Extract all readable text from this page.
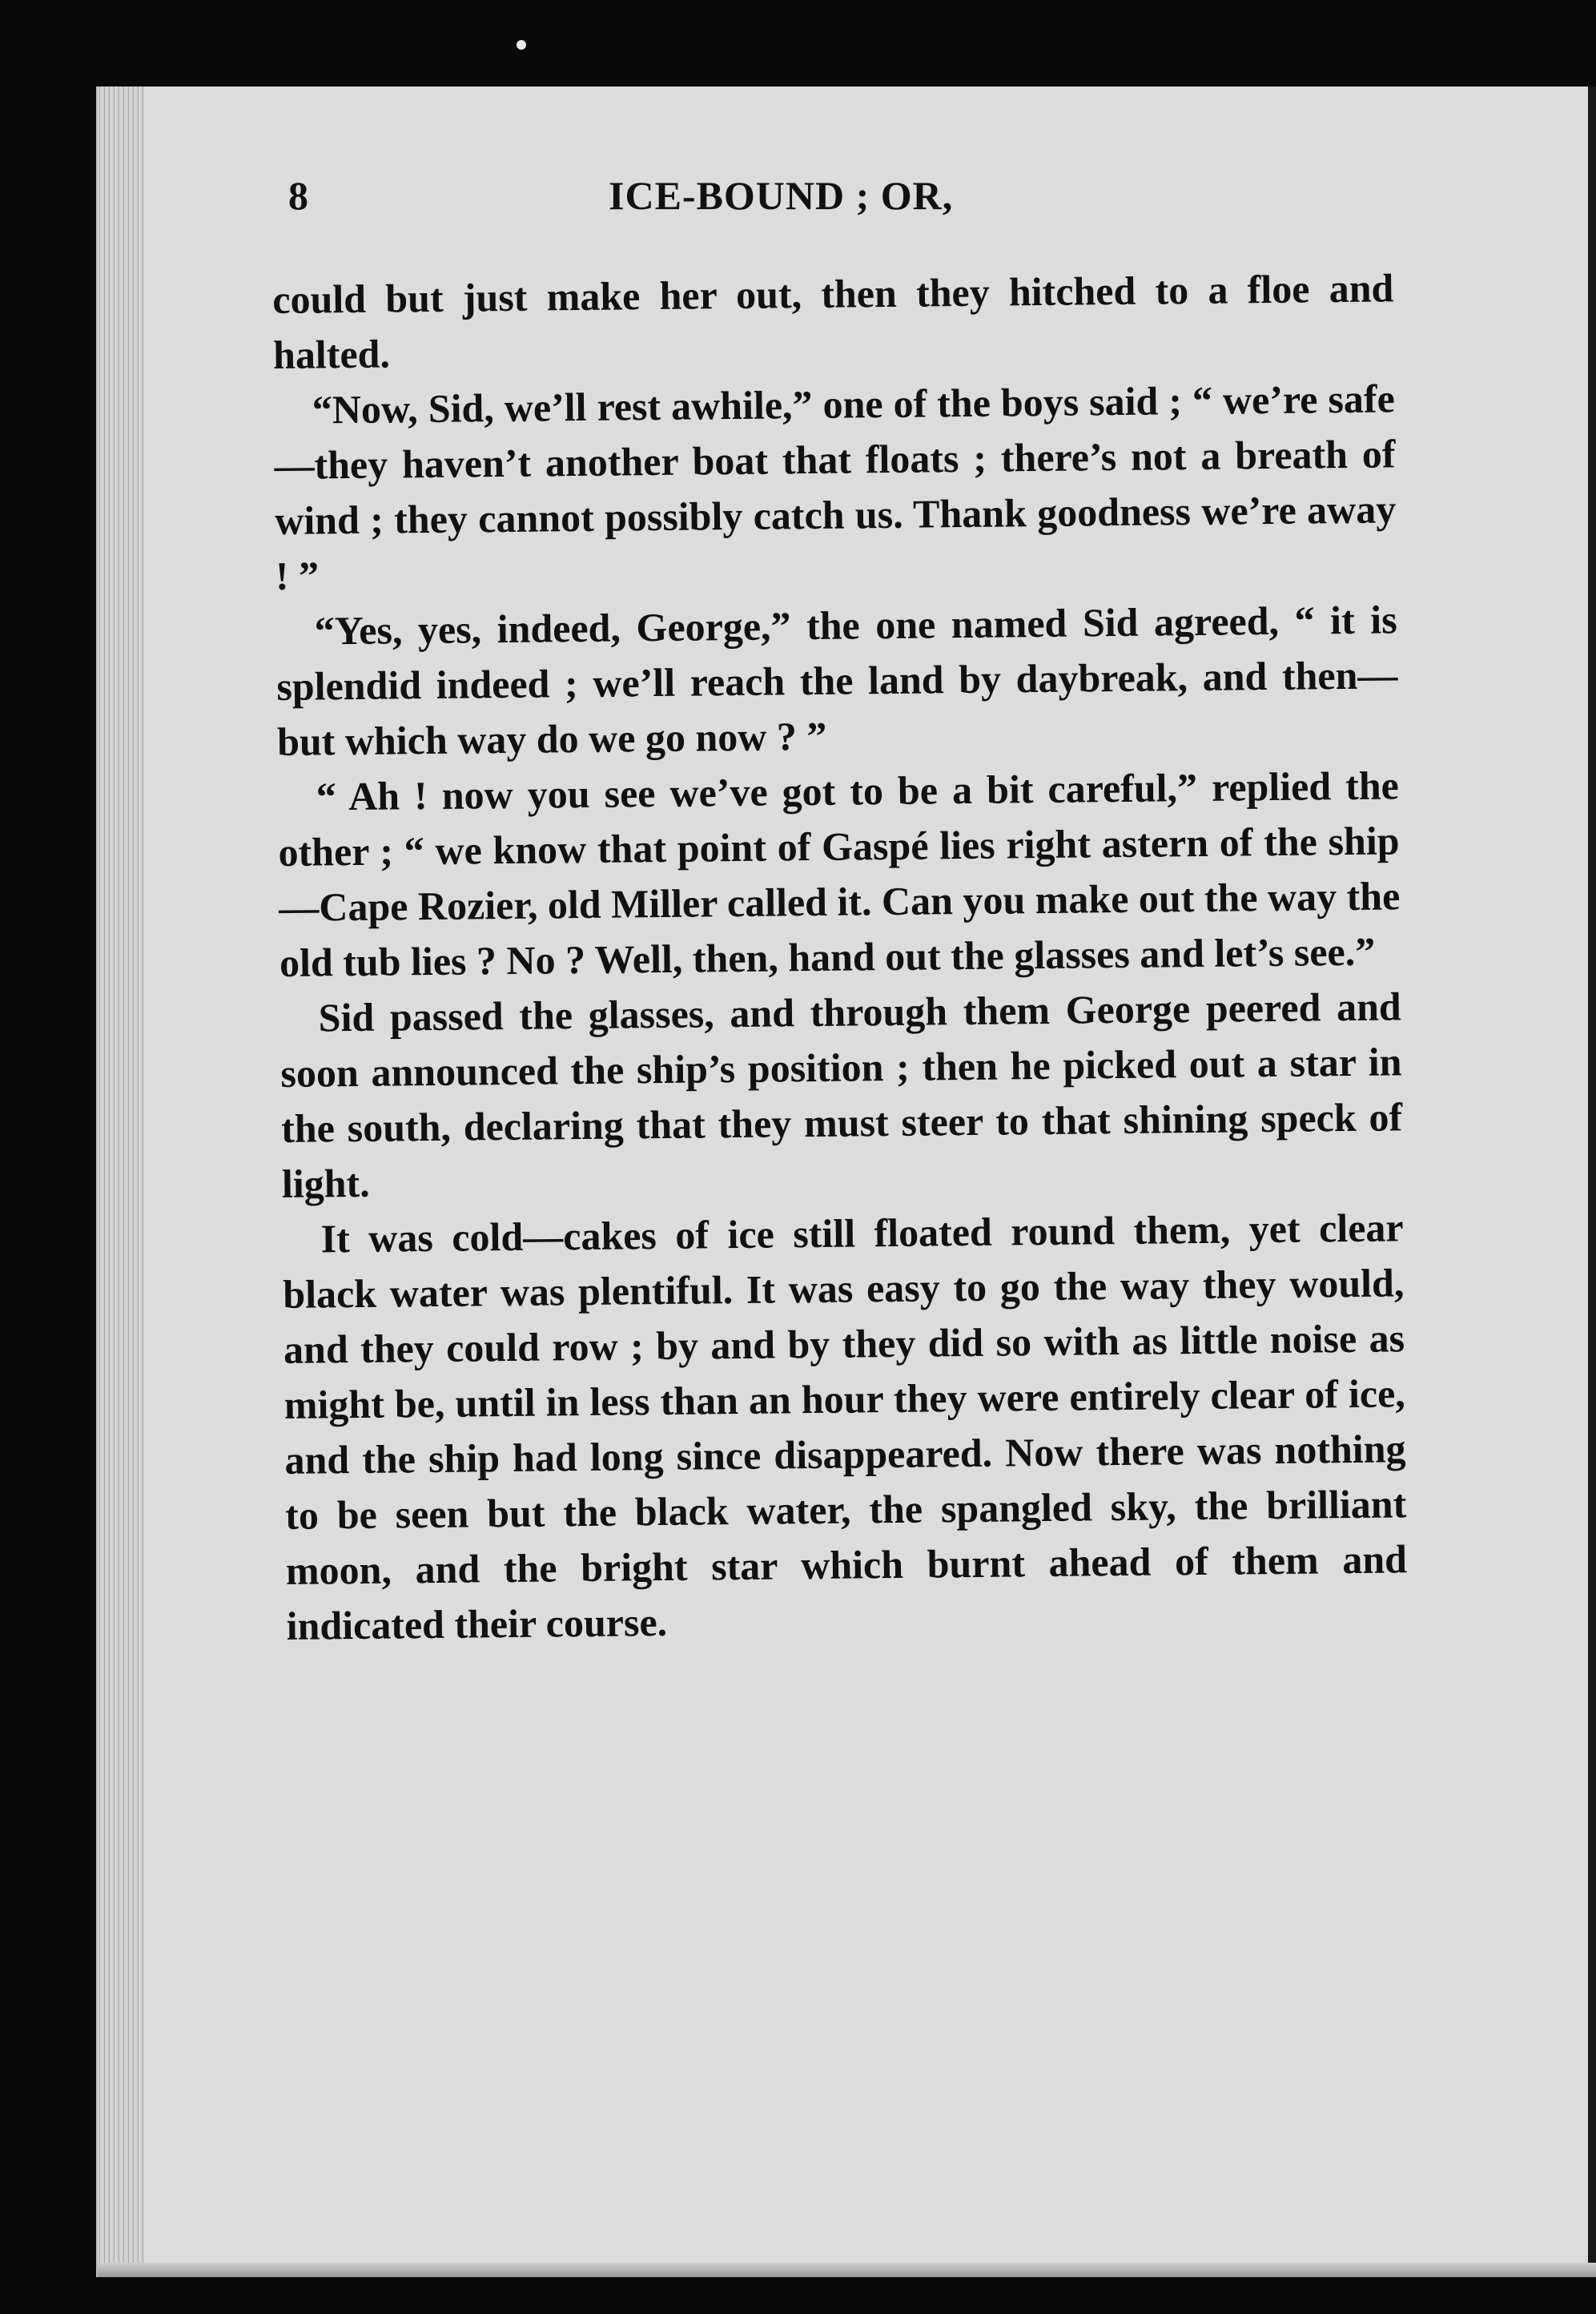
8	ICE-BOUND ; OR,

could but just make her out, then they hitched to a floe and halted.

“Now, Sid, we’ll rest awhile,” one of the boys said ; “ we’re safe—they haven’t another boat that floats ; there’s not a breath of wind ; they cannot possibly catch us. Thank goodness we’re away ! ”

“Yes, yes, indeed, George,” the one named Sid agreed, “ it is splendid indeed ; we’ll reach the land by daybreak, and then—but which way do we go now ? ”

“ Ah ! now you see we’ve got to be a bit careful,” replied the other ; “ we know that point of Gaspé lies right astern of the ship—Cape Rozier, old Miller called it. Can you make out the way the old tub lies ? No ? Well, then, hand out the glasses and let’s see.”

Sid passed the glasses, and through them George peered and soon announced the ship’s position ; then he picked out a star in the south, declaring that they must steer to that shining speck of light.

It was cold—cakes of ice still floated round them, yet clear black water was plentiful. It was easy to go the way they would, and they could row ; by and by they did so with as little noise as might be, until in less than an hour they were entirely clear of ice, and the ship had long since disappeared. Now there was nothing to be seen but the black water, the spangled sky, the brilliant moon, and the bright star which burnt ahead of them and indicated their course.
